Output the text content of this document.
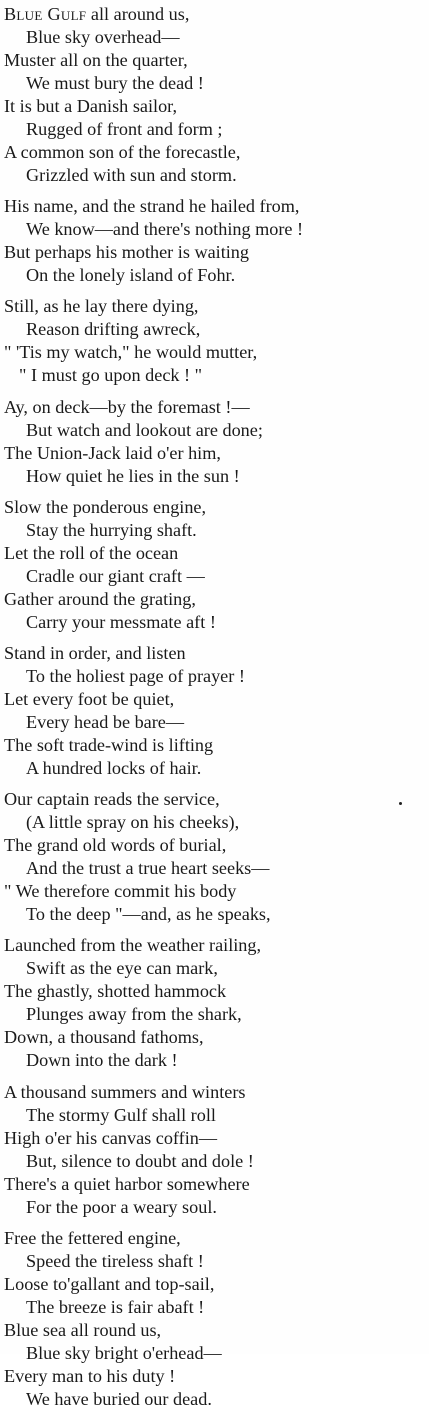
Blue Gulf all around us,
Blue sky overhead—
Muster all on the quarter,
We must bury the dead !
It is but a Danish sailor,
Rugged of front and form ;
A common son of the forecastle,
Grizzled with sun and storm.
His name, and the strand he hailed from,
We know—and there's nothing more !
But perhaps his mother is waiting
On the lonely island of Fohr.
Still, as he lay there dying,
Reason drifting awreck,
" 'Tis my watch," he would mutter,
" I must go upon deck ! "
Ay, on deck—by the foremast !—
But watch and lookout are done;
The Union-Jack laid o'er him,
How quiet he lies in the sun !
Slow the ponderous engine,
Stay the hurrying shaft.
Let the roll of the ocean
Cradle our giant craft —
Gather around the grating,
Carry your messmate aft !
Stand in order, and listen
To the holiest page of prayer !
Let every foot be quiet,
Every head be bare—
The soft trade-wind is lifting
A hundred locks of hair.
Our captain reads the service,
(A little spray on his cheeks),
The grand old words of burial,
And the trust a true heart seeks—
" We therefore commit his body
To the deep "—and, as he speaks,
Launched from the weather railing,
Swift as the eye can mark,
The ghastly, shotted hammock
Plunges away from the shark,
Down, a thousand fathoms,
Down into the dark !
A thousand summers and winters
The stormy Gulf shall roll
High o'er his canvas coffin—
But, silence to doubt and dole !
There's a quiet harbor somewhere
For the poor a weary soul.
Free the fettered engine,
Speed the tireless shaft !
Loose to'gallant and top-sail,
The breeze is fair abaft !
Blue sea all round us,
Blue sky bright o'erhead—
Every man to his duty !
We have buried our dead.
